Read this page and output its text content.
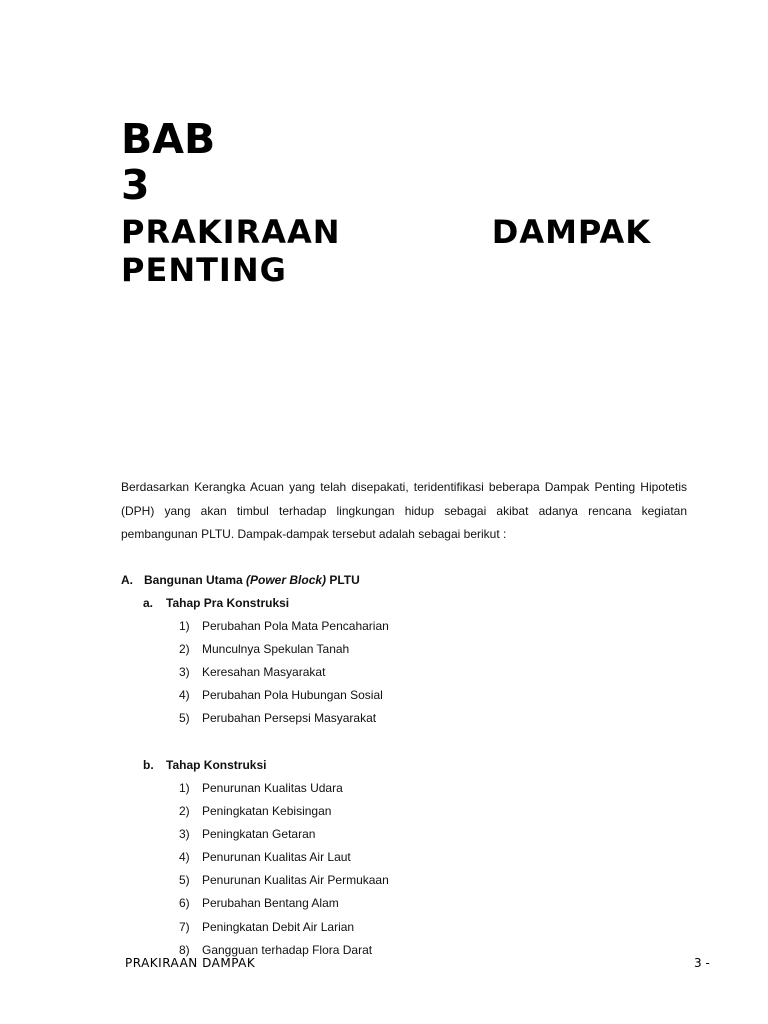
BAB
3
PRAKIRAAN DAMPAK PENTING

Berdasarkan Kerangka Acuan yang telah disepakati, teridentifikasi beberapa Dampak Penting Hipotetis (DPH) yang akan timbul terhadap lingkungan hidup sebagai akibat adanya rencana kegiatan pembangunan PLTU. Dampak-dampak tersebut adalah sebagai berikut :

A. Bangunan Utama (Power Block) PLTU
a. Tahap Pra Konstruksi
1) Perubahan Pola Mata Pencaharian
2) Munculnya Spekulan Tanah
3) Keresahan Masyarakat
4) Perubahan Pola Hubungan Sosial
5) Perubahan Persepsi Masyarakat
b. Tahap Konstruksi
1) Penurunan Kualitas Udara
2) Peningkatan Kebisingan
3) Peningkatan Getaran
4) Penurunan Kualitas Air Laut
5) Penurunan Kualitas Air Permukaan
6) Perubahan Bentang Alam
7) Peningkatan Debit Air Larian
8) Gangguan terhadap Flora Darat
PRAKIRAAN DAMPAK	3 -
